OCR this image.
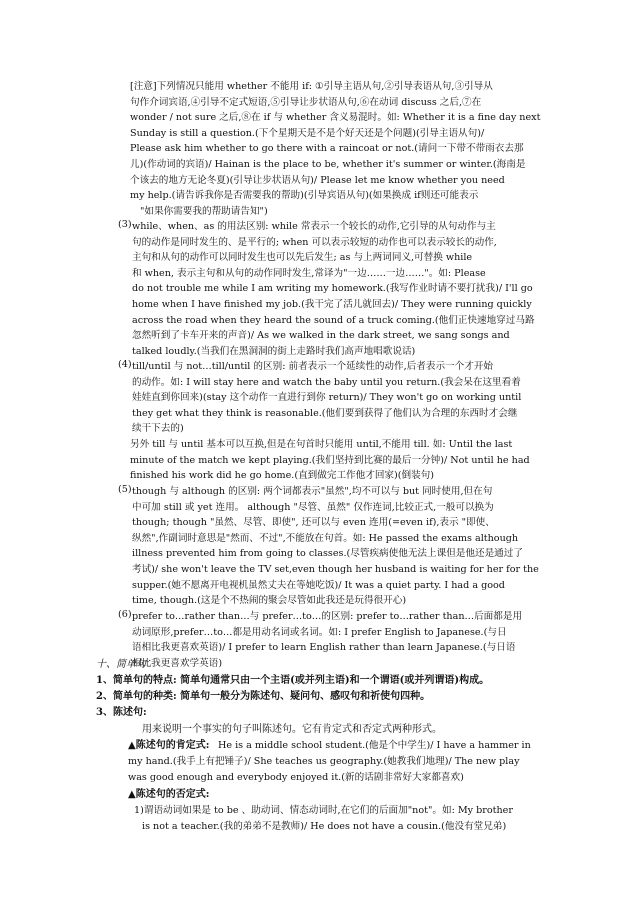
[注意]下列情况只能用 whether 不能用 if: ①引导主语从句,②引导表语从句,③引导从

句作介词宾语,④引导不定式短语,⑤引导让步状语从句,⑥在动词 discuss 之后,⑦在

wonder / not sure 之后,⑧在 if 与 whether 含义易混时。如: Whether it is a fine day next

Sunday is still a question.(下个星期天是不是个好天还是个问题)(引导主语从句)/

Please ask him whether to go there with a raincoat or not.(请问一下带不带雨衣去那

儿)(作动词的宾语)/ Hainan is the place to be, whether it's summer or winter.(海南是

个该去的地方无论冬夏)(引导让步状语从句)/ Please let me know whether you need

my help.(请告诉我你是否需要我的帮助)(引导宾语从句)(如果换成 if则还可能表示

"如果你需要我的帮助请告知")

(3) while、when、as 的用法区别: while 常表示一个较长的动作,它引导的从句动作与主

句的动作是同时发生的、是平行的; when 可以表示较短的动作也可以表示较长的动作,

主句和从句的动作可以同时发生也可以先后发生; as 与上两词同义,可替换 while

和 when, 表示主句和从句的动作同时发生,常译为"一边……一边……"。如: Please

do not trouble me while I am writing my homework.(我写作业时请不要打扰我)/ I'll go

home when I have finished my job.(我干完了活儿就回去)/ They were running quickly

across the road when they heard the sound of a truck coming.(他们正快速地穿过马路

忽然听到了卡车开来的声音)/ As we walked in the dark street, we sang songs and

talked loudly.(当我们在黑洞洞的街上走路时我们高声地唱歌说话)

(4) till/until 与 not…till/until 的区别: 前者表示一个延续性的动作,后者表示一个才开始

的动作。如: I will stay here and watch the baby until you return.(我会呆在这里看着

娃娃直到你回来)(stay 这个动作一直进行到你 return)/ They won't go on working until

they get what they think is reasonable.(他们要到获得了他们认为合理的东西时才会继

续干下去的)

另外 till 与 until 基本可以互换,但是在句首时只能用 until,不能用 till. 如: Until the last

minute of the match we kept playing.(我们坚持到比赛的最后一分钟)/ Not until he had

finished his work did he go home.(直到做完工作他才回家)(倒装句)

(5) though 与 although 的区别: 两个词都表示"虽然",均不可以与 but 同时使用,但在句

中可加 still 或 yet 连用。 although "尽管、虽然" 仅作连词,比较正式,一般可以换为

though; though "虽然、尽管、即使", 还可以与 even 连用(=even if),表示 "即使、

纵然",作副词时意思是"然而、不过",不能放在句首。如: He passed the exams although

illness prevented him from going to classes.(尽管疾病使他无法上课但是他还是通过了

考试)/ she won't leave the TV set,even though her husband is waiting for her for the

supper.(她不愿离开电视机虽然丈夫在等她吃饭)/ It was a quiet party. I had a good

time, though.(这是个不热闹的聚会尽管如此我还是玩得很开心)

(6) prefer to…rather than…与 prefer…to…的区别: prefer to…rather than…后面都是用

动词原形,prefer…to…都是用动名词或名词。如: I prefer English to Japanese.(与日

语相比我更喜欢英语)/ I prefer to learn English rather than learn Japanese.(与日语

相比我更喜欢学英语)

十、简单句

1、简单句的特点: 简单句通常只由一个主语(或并列主语)和一个谓语(或并列谓语)构成。

2、简单句的种类: 简单句一般分为陈述句、疑问句、感叹句和祈使句四种。

3、陈述句:

用来说明一个事实的句子叫陈述句。它有肯定式和否定式两种形式。
▲陈述句的肯定式: He is a middle school student.(他是个中学生)/ I have a hammer in
my hand.(我手上有把锤子)/ She teaches us geography.(她教我们地理)/ The new play
was good enough and everybody enjoyed it.(新的话剧非常好大家都喜欢)
▲陈述句的否定式:
1)谓语动词如果是 to be 、助动词、情态动词时,在它们的后面加"not"。如: My brother
is not a teacher.(我的弟弟不是教师)/ He does not have a cousin.(他没有堂兄弟)
